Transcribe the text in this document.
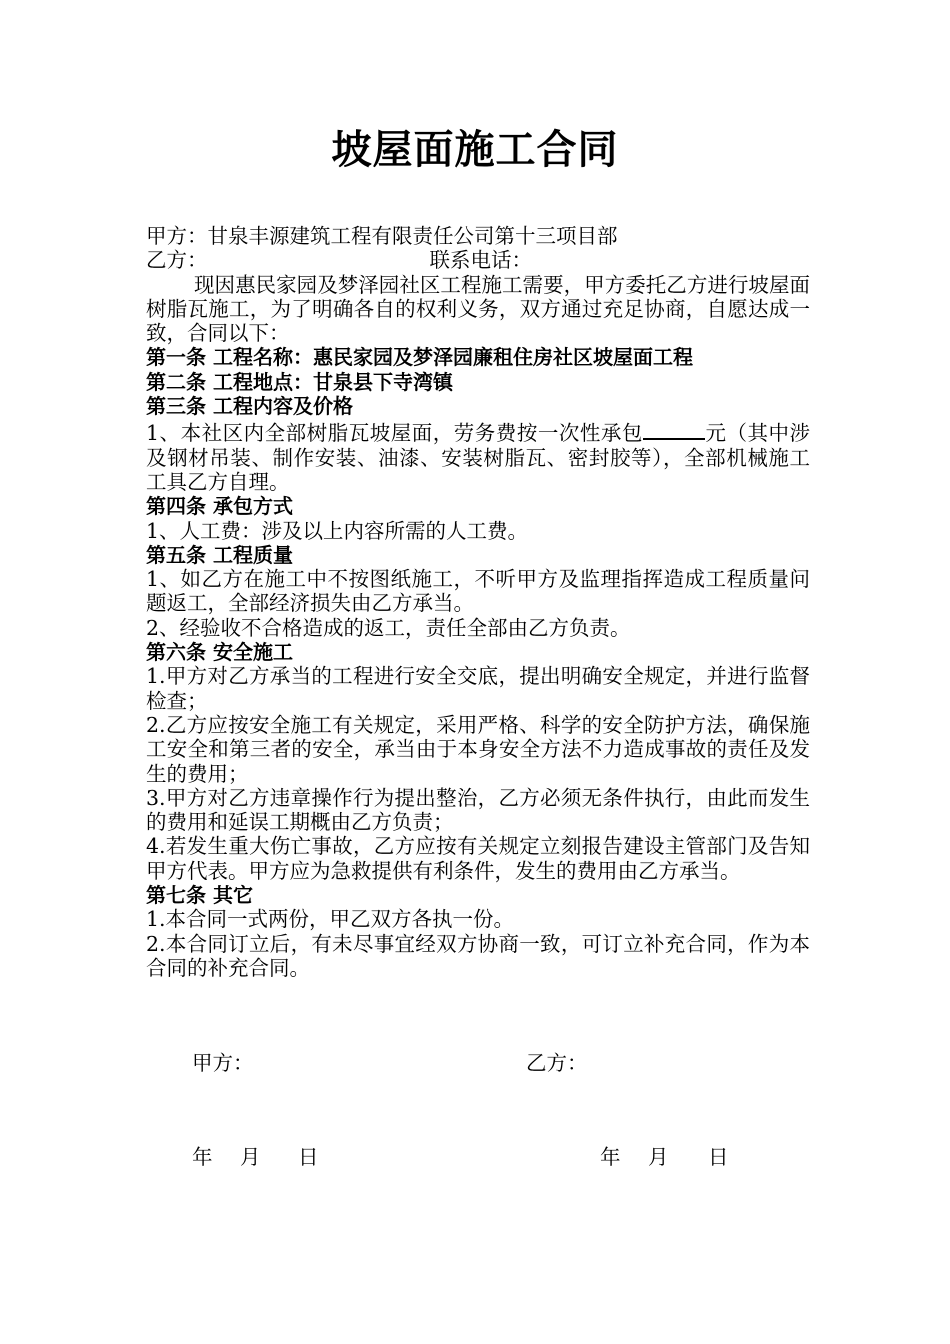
坡屋面施工合同
甲方：甘泉丰源建筑工程有限责任公司第十三项目部
乙方：	联系电话：
现因惠民家园及梦泽园社区工程施工需要，甲方委托乙方进行坡屋面树脂瓦施工，为了明确各自的权利义务，双方通过充足协商，自愿达成一致，合同以下：
第一条 工程名称：惠民家园及梦泽园廉租住房社区坡屋面工程
第二条 工程地点：甘泉县下寺湾镇
第三条 工程内容及价格
1、本社区内全部树脂瓦坡屋面，劳务费按一次性承包	元（其中涉及钢材吊装、制作安装、油漆、安装树脂瓦、密封胶等），全部机械施工工具乙方自理。
第四条 承包方式
1、人工费：涉及以上内容所需的人工费。
第五条 工程质量
1、如乙方在施工中不按图纸施工，不听甲方及监理指挥造成工程质量问题返工，全部经济损失由乙方承当。
2、经验收不合格造成的返工，责任全部由乙方负责。
第六条 安全施工
1.甲方对乙方承当的工程进行安全交底，提出明确安全规定，并进行监督检查；
2.乙方应按安全施工有关规定，采用严格、科学的安全防护方法，确保施工安全和第三者的安全，承当由于本身安全方法不力造成事故的责任及发生的费用；
3.甲方对乙方违章操作行为提出整治，乙方必须无条件执行，由此而发生的费用和延误工期概由乙方负责；
4.若发生重大伤亡事故，乙方应按有关规定立刻报告建设主管部门及告知甲方代表。甲方应为急救提供有利条件，发生的费用由乙方承当。
第七条 其它
1.本合同一式两份，甲乙双方各执一份。
2.本合同订立后，有未尽事宜经双方协商一致，可订立补充合同，作为本合同的补充合同。
甲方：	乙方：
年 月 日	年 月 日
